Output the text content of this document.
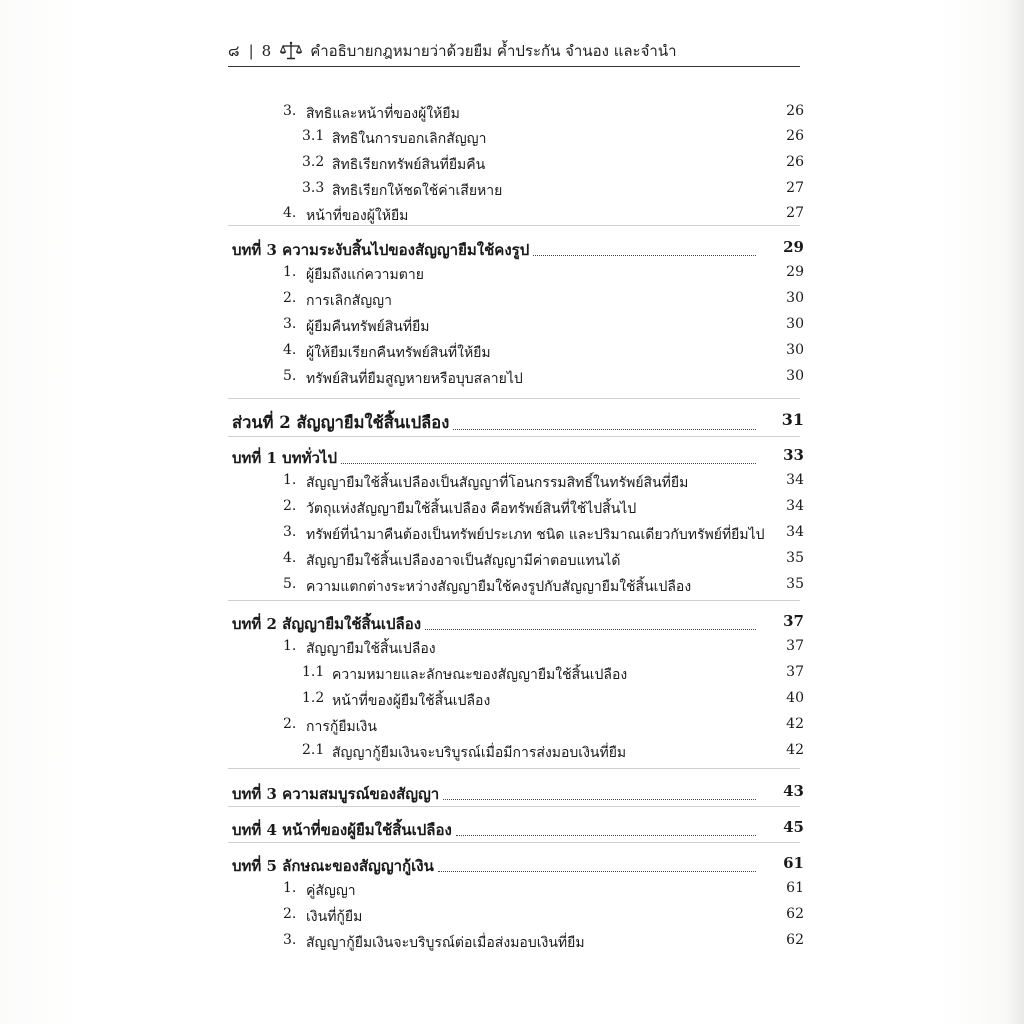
๘ | 8	คำอธิบายกฎหมายว่าด้วยยืม ค้ำประกัน จำนอง และจำนำ
3. สิทธิและหน้าที่ของผู้ให้ยืม	26
3.1 สิทธิในการบอกเลิกสัญญา	26
3.2 สิทธิเรียกทรัพย์สินที่ยืมคืน	26
3.3 สิทธิเรียกให้ชดใช้ค่าเสียหาย	27
4. หน้าที่ของผู้ให้ยืม	27
บทที่ 3 ความระงับสิ้นไปของสัญญายืมใช้คงรูป	29
1. ผู้ยืมถึงแก่ความตาย	29
2. การเลิกสัญญา	30
3. ผู้ยืมคืนทรัพย์สินที่ยืม	30
4. ผู้ให้ยืมเรียกคืนทรัพย์สินที่ให้ยืม	30
5. ทรัพย์สินที่ยืมสูญหายหรือบุบสลายไป	30
ส่วนที่ 2 สัญญายืมใช้สิ้นเปลือง	31
บทที่ 1 บททั่วไป	33
1. สัญญายืมใช้สิ้นเปลืองเป็นสัญญาที่โอนกรรมสิทธิ์ในทรัพย์สินที่ยืม	34
2. วัตถุแห่งสัญญายืมใช้สิ้นเปลือง คือทรัพย์สินที่ใช้ไปสิ้นไป	34
3. ทรัพย์ที่นำมาคืนต้องเป็นทรัพย์ประเภท ชนิด และปริมาณเดียวกับทรัพย์ที่ยืมไป	34
4. สัญญายืมใช้สิ้นเปลืองอาจเป็นสัญญามีค่าตอบแทนได้	35
5. ความแตกต่างระหว่างสัญญายืมใช้คงรูปกับสัญญายืมใช้สิ้นเปลือง	35
บทที่ 2 สัญญายืมใช้สิ้นเปลือง	37
1. สัญญายืมใช้สิ้นเปลือง	37
1.1 ความหมายและลักษณะของสัญญายืมใช้สิ้นเปลือง	37
1.2 หน้าที่ของผู้ยืมใช้สิ้นเปลือง	40
2. การกู้ยืมเงิน	42
2.1 สัญญากู้ยืมเงินจะบริบูรณ์เมื่อมีการส่งมอบเงินที่ยืม	42
บทที่ 3 ความสมบูรณ์ของสัญญา	43
บทที่ 4 หน้าที่ของผู้ยืมใช้สิ้นเปลือง	45
บทที่ 5 ลักษณะของสัญญากู้เงิน	61
1. คู่สัญญา	61
2. เงินที่กู้ยืม	62
3. สัญญากู้ยืมเงินจะบริบูรณ์ต่อเมื่อส่งมอบเงินที่ยืม	62
